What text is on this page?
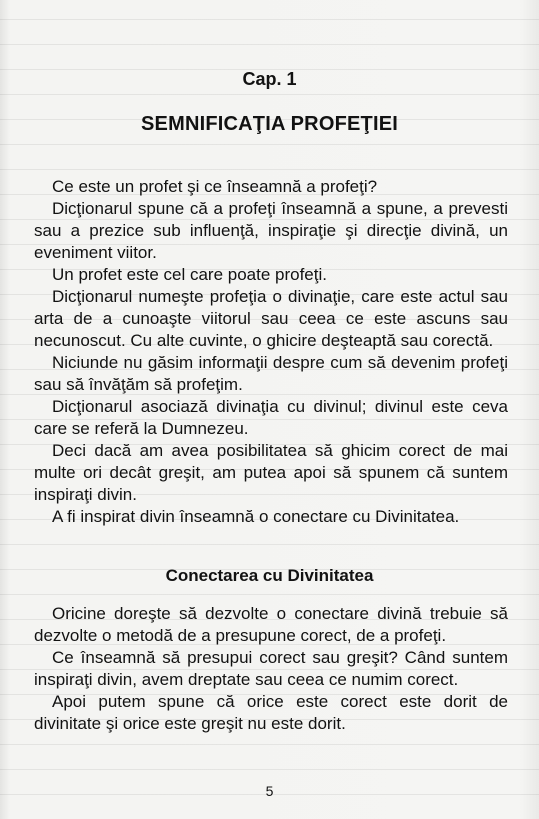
Cap. 1
SEMNIFICAŢIA PROFEŢIEI

Ce este un profet şi ce înseamnă a profeţi?

Dicţionarul spune că a profeţi înseamnă a spune, a prevesti sau a prezice sub influenţă, inspiraţie şi direcţie divină, un eveniment viitor.

Un profet este cel care poate profeţi.

Dicţionarul numeşte profeţia o divinaţie, care este actul sau arta de a cunoaşte viitorul sau ceea ce este ascuns sau necunoscut. Cu alte cuvinte, o ghicire deşteaptă sau corectă.

Niciunde nu găsim informaţii despre cum să devenim profeţi sau să învăţăm să profeţim.

Dicţionarul asociază divinaţia cu divinul; divinul este ceva care se referă la Dumnezeu.

Deci dacă am avea posibilitatea să ghicim corect de mai multe ori decât greşit, am putea apoi să spunem că suntem inspiraţi divin.

A fi inspirat divin înseamnă o conectare cu Divinitatea.

Conectarea cu Divinitatea

Oricine doreşte să dezvolte o conectare divină trebuie să dezvolte o metodă de a presupune corect, de a profeţi.

Ce înseamnă să presupui corect sau greşit? Când suntem inspiraţi divin, avem dreptate sau ceea ce numim corect.

Apoi putem spune că orice este corect este dorit de divinitate şi orice este greşit nu este dorit.

5
